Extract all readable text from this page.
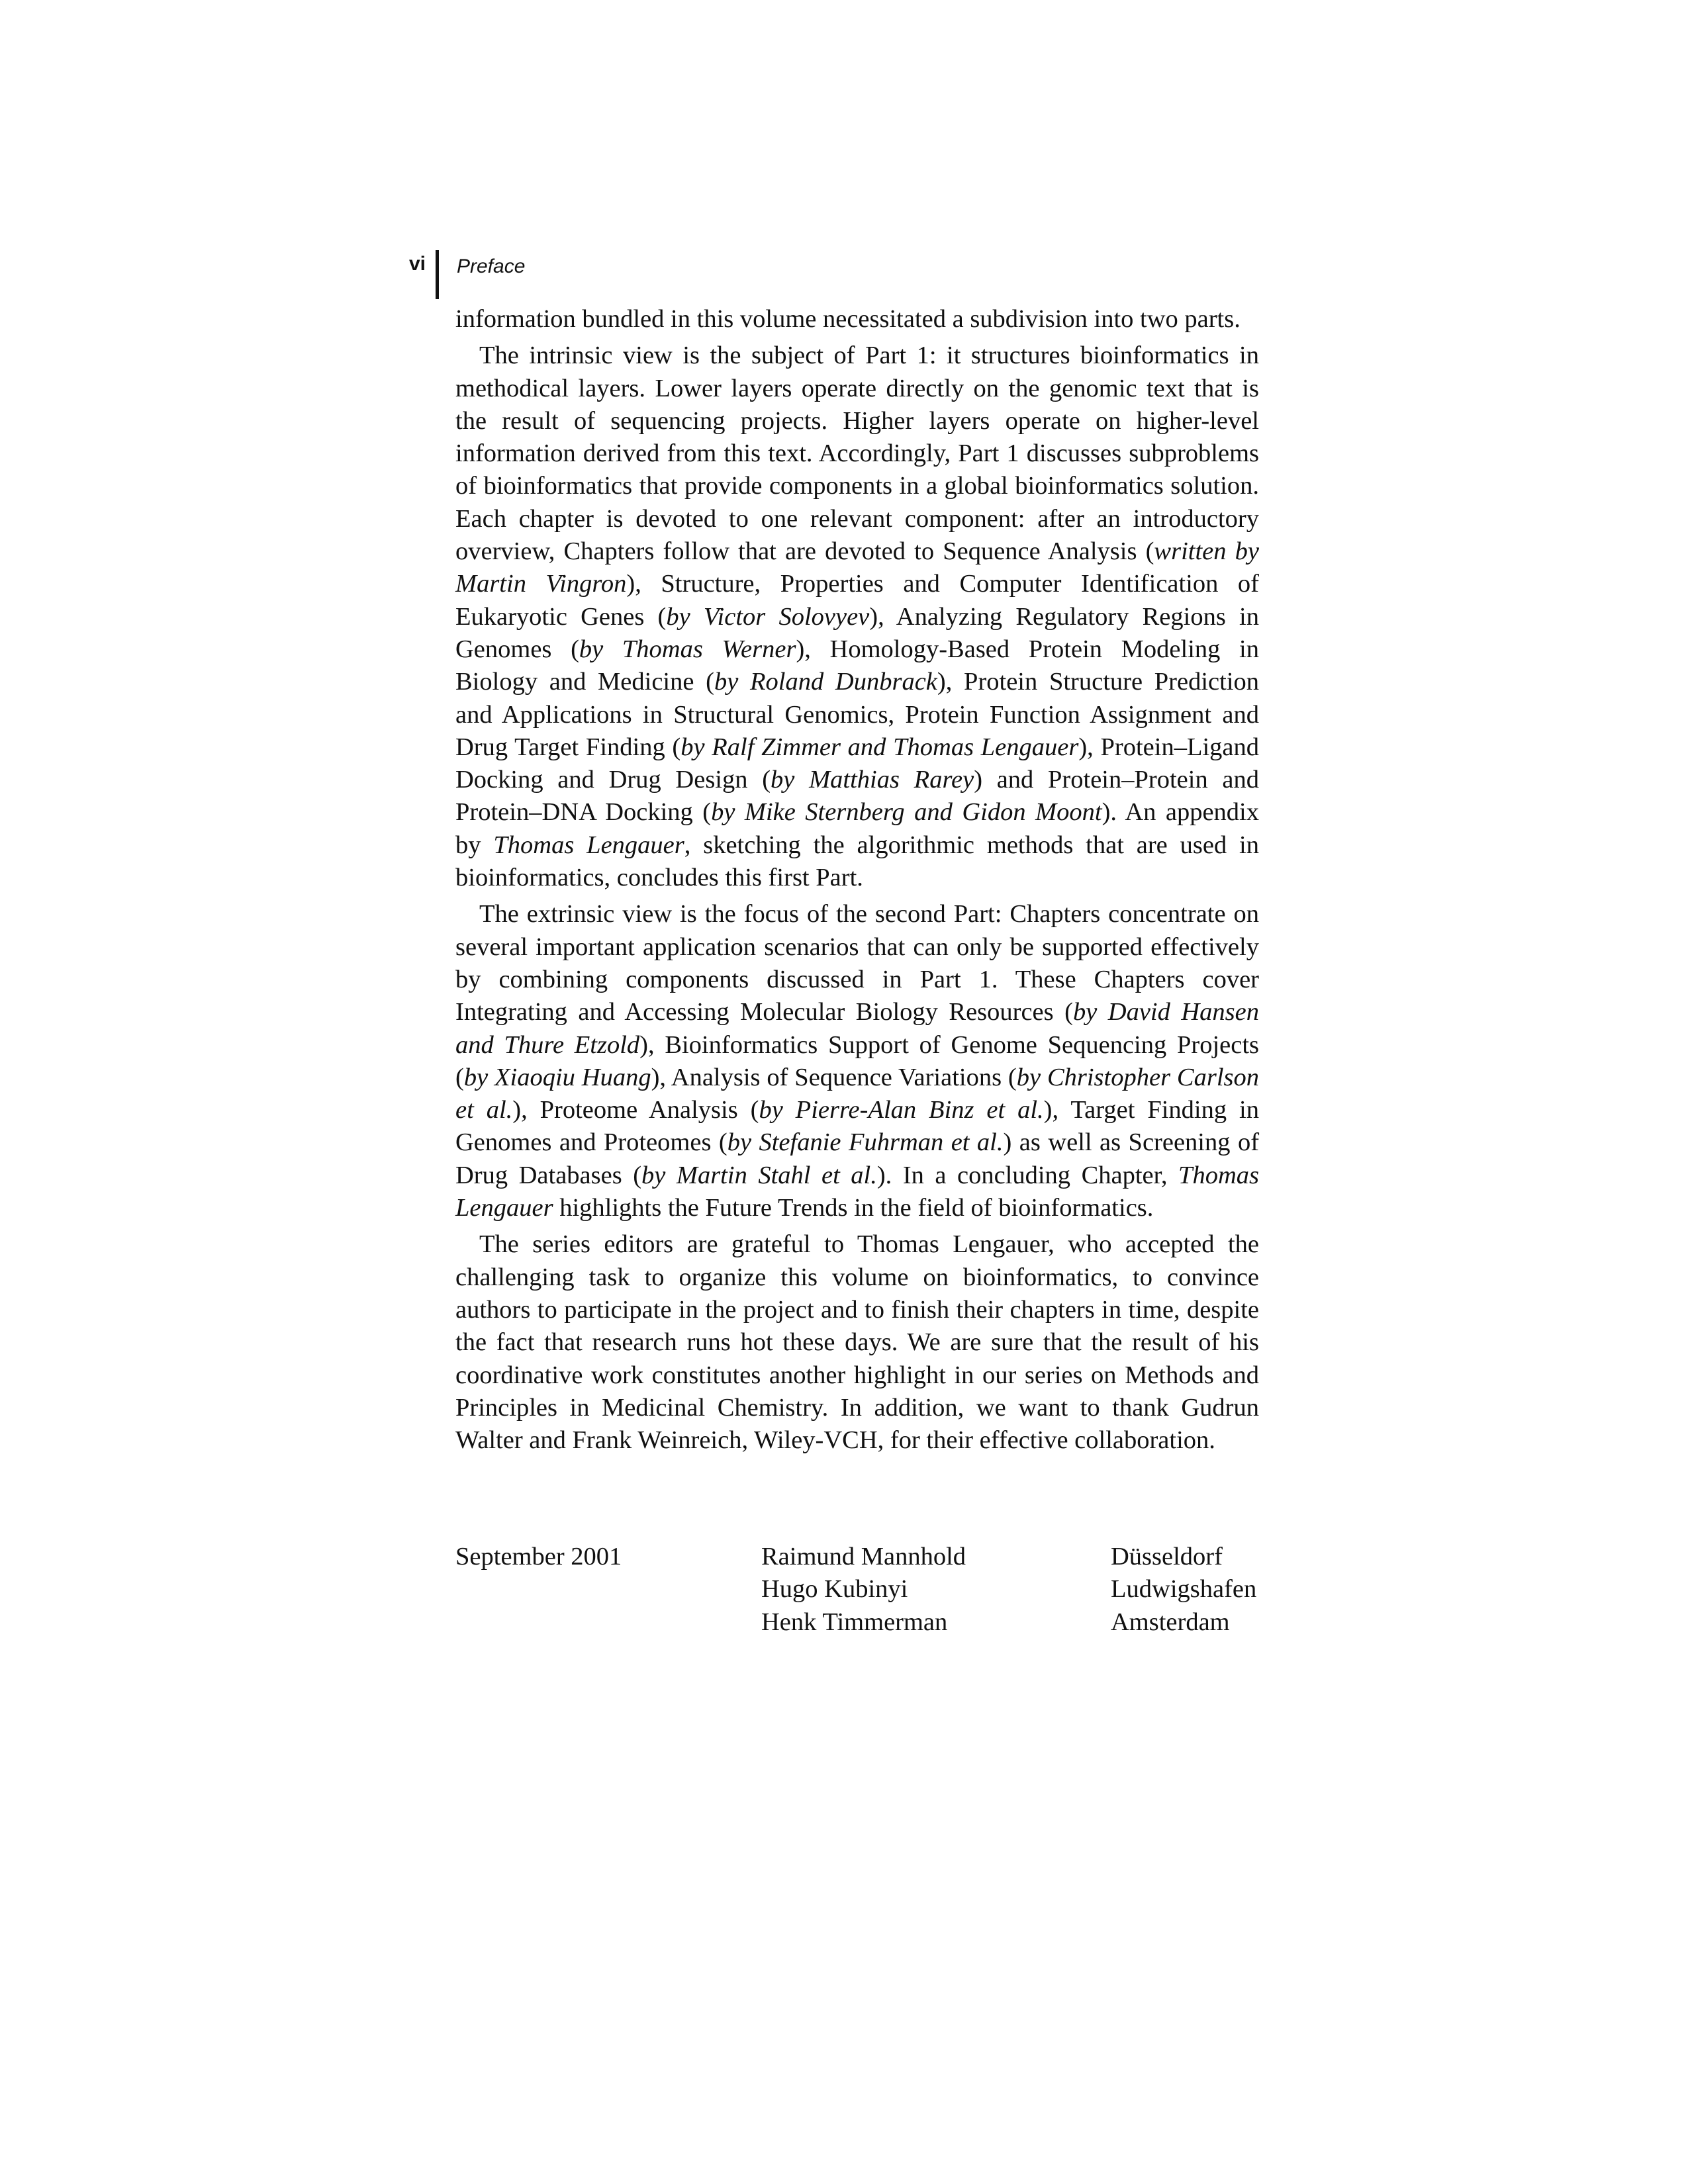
vi Preface

information bundled in this volume necessitated a subdivision into two parts.

The intrinsic view is the subject of Part 1: it structures bioinformatics in methodical layers. Lower layers operate directly on the genomic text that is the result of sequencing projects. Higher layers operate on higher-level information derived from this text. Accordingly, Part 1 discusses subproblems of bioinformatics that provide components in a global bioinformatics solution. Each chapter is devoted to one relevant component: after an introductory overview, Chapters follow that are devoted to Sequence Analysis (written by Martin Vingron), Structure, Properties and Computer Identification of Eukaryotic Genes (by Victor Solovyev), Analyzing Regulatory Regions in Genomes (by Thomas Werner), Homology-Based Protein Modeling in Biology and Medicine (by Roland Dunbrack), Protein Structure Prediction and Applications in Structural Genomics, Protein Function Assignment and Drug Target Finding (by Ralf Zimmer and Thomas Lengauer), Protein–Ligand Docking and Drug Design (by Matthias Rarey) and Protein–Protein and Protein–DNA Docking (by Mike Sternberg and Gidon Moont). An appendix by Thomas Lengauer, sketching the algorithmic methods that are used in bioinformatics, concludes this first Part.

The extrinsic view is the focus of the second Part: Chapters concentrate on several important application scenarios that can only be supported effectively by combining components discussed in Part 1. These Chapters cover Integrating and Accessing Molecular Biology Resources (by David Hansen and Thure Etzold), Bioinformatics Support of Genome Sequencing Projects (by Xiaoqiu Huang), Analysis of Sequence Variations (by Christopher Carlson et al.), Proteome Analysis (by Pierre-Alan Binz et al.), Target Finding in Genomes and Proteomes (by Stefanie Fuhrman et al.) as well as Screening of Drug Databases (by Martin Stahl et al.). In a concluding Chapter, Thomas Lengauer highlights the Future Trends in the field of bioinformatics.

The series editors are grateful to Thomas Lengauer, who accepted the challenging task to organize this volume on bioinformatics, to convince authors to participate in the project and to finish their chapters in time, despite the fact that research runs hot these days. We are sure that the result of his coordinative work constitutes another highlight in our series on Methods and Principles in Medicinal Chemistry. In addition, we want to thank Gudrun Walter and Frank Weinreich, Wiley-VCH, for their effective collaboration.

September 2001	Raimund Mannhold
Hugo Kubinyi
Henk Timmerman
Düsseldorf
Ludwigshafen
Amsterdam
